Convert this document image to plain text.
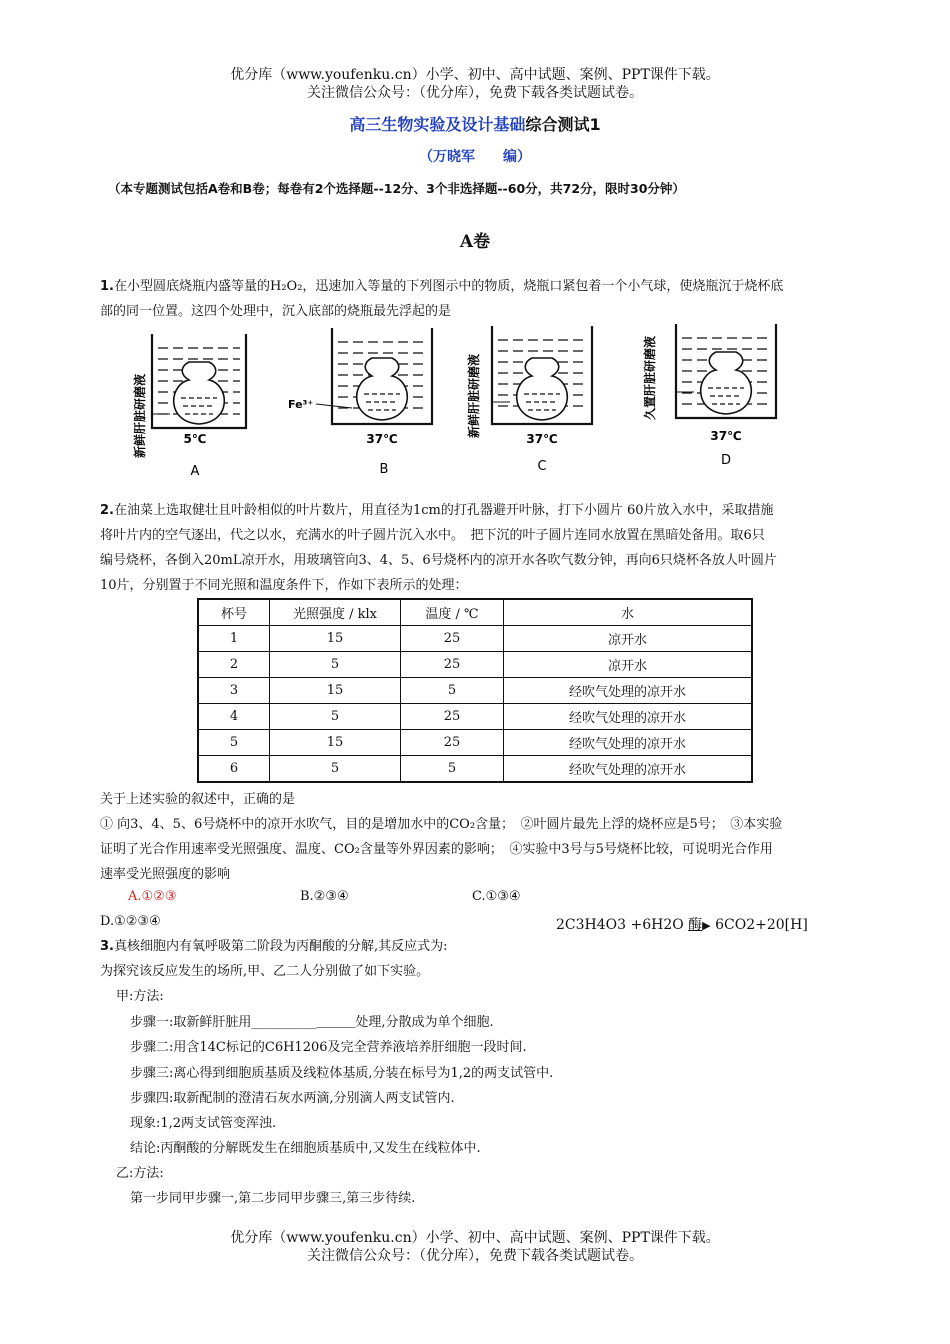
优分库（www.youfenku.cn）小学、初中、高中试题、案例、PPT课件下载。
关注微信公众号：（优分库），免费下载各类试题试卷。
高三生物实验及设计基础综合测试1
（万晓军　　编）
（本专题测试包括A卷和B卷；每卷有2个选择题--12分、3个非选择题--60分，共72分，限时30分钟）
A卷
1.在小型圆底烧瓶内盛等量的H₂O₂，迅速加入等量的下列图示中的物质，烧瓶口紧包着一个小气球，使烧瓶沉于烧杯底
部的同一位置。这四个处理中，沉入底部的烧瓶最先浮起的是
新鲜肝脏研磨液	Fe³⁺	新鲜肝脏研磨液	久置肝脏研磨液
5℃	37℃	37℃	37℃
A	B	C	D
2.在油菜上选取健壮且叶龄相似的叶片数片，用直径为1cm的打孔器避开叶脉，打下小圆片 60片放入水中，采取措施
将叶片内的空气逐出，代之以水，充满水的叶子圆片沉入水中。　把下沉的叶子圆片连同水放置在黑暗处备用。取6只
编号烧杯，各倒入20mL凉开水，用玻璃管向3、4、5、6号烧杯内的凉开水各吹气数分钟，再向6只烧杯各放人叶圆片
10片，分别置于不同光照和温度条件下，作如下表所示的处理：
杯号	光照强度 / klx	温度 / ℃	水
1	15	25	凉开水
2	5	25	凉开水
3	15	5	经吹气处理的凉开水
4	5	25	经吹气处理的凉开水
5	15	25	经吹气处理的凉开水
6	5	5	经吹气处理的凉开水
关于上述实验的叙述中，正确的是
① 向3、4、5、6号烧杯中的凉开水吹气，目的是增加水中的CO₂含量；　②叶圆片最先上浮的烧杯应是5号；　③本实验
证明了光合作用速率受光照强度、温度、CO₂含量等外界因素的影响；　④实验中3号与5号烧杯比较，可说明光合作用
速率受光照强度的影响
A.①②③	B.②③④	C.①③④
D.①②③④	2C3H4O3 +6H2O 酶▶ 6CO2+20[H]
3.真核细胞内有氧呼吸第二阶段为丙酮酸的分解,其反应式为:
为探究该反应发生的场所,甲、乙二人分别做了如下实验。
甲:方法:
步骤一:取新鲜肝脏用__________＿＿＿处理,分散成为单个细胞.
步骤二:用含14C标记的C6H1206及完全营养液培养肝细胞一段时间.
步骤三:离心得到细胞质基质及线粒体基质,分装在标号为1,2的两支试管中.
步骤四:取新配制的澄清石灰水两滴,分别滴人两支试管内.
现象:1,2两支试管变浑浊.
结论:丙酮酸的分解既发生在细胞质基质中,又发生在线粒体中.
乙:方法:
第一步同甲步骤一,第二步同甲步骤三,第三步待续.
优分库（www.youfenku.cn）小学、初中、高中试题、案例、PPT课件下载。
关注微信公众号：（优分库），免费下载各类试题试卷。
